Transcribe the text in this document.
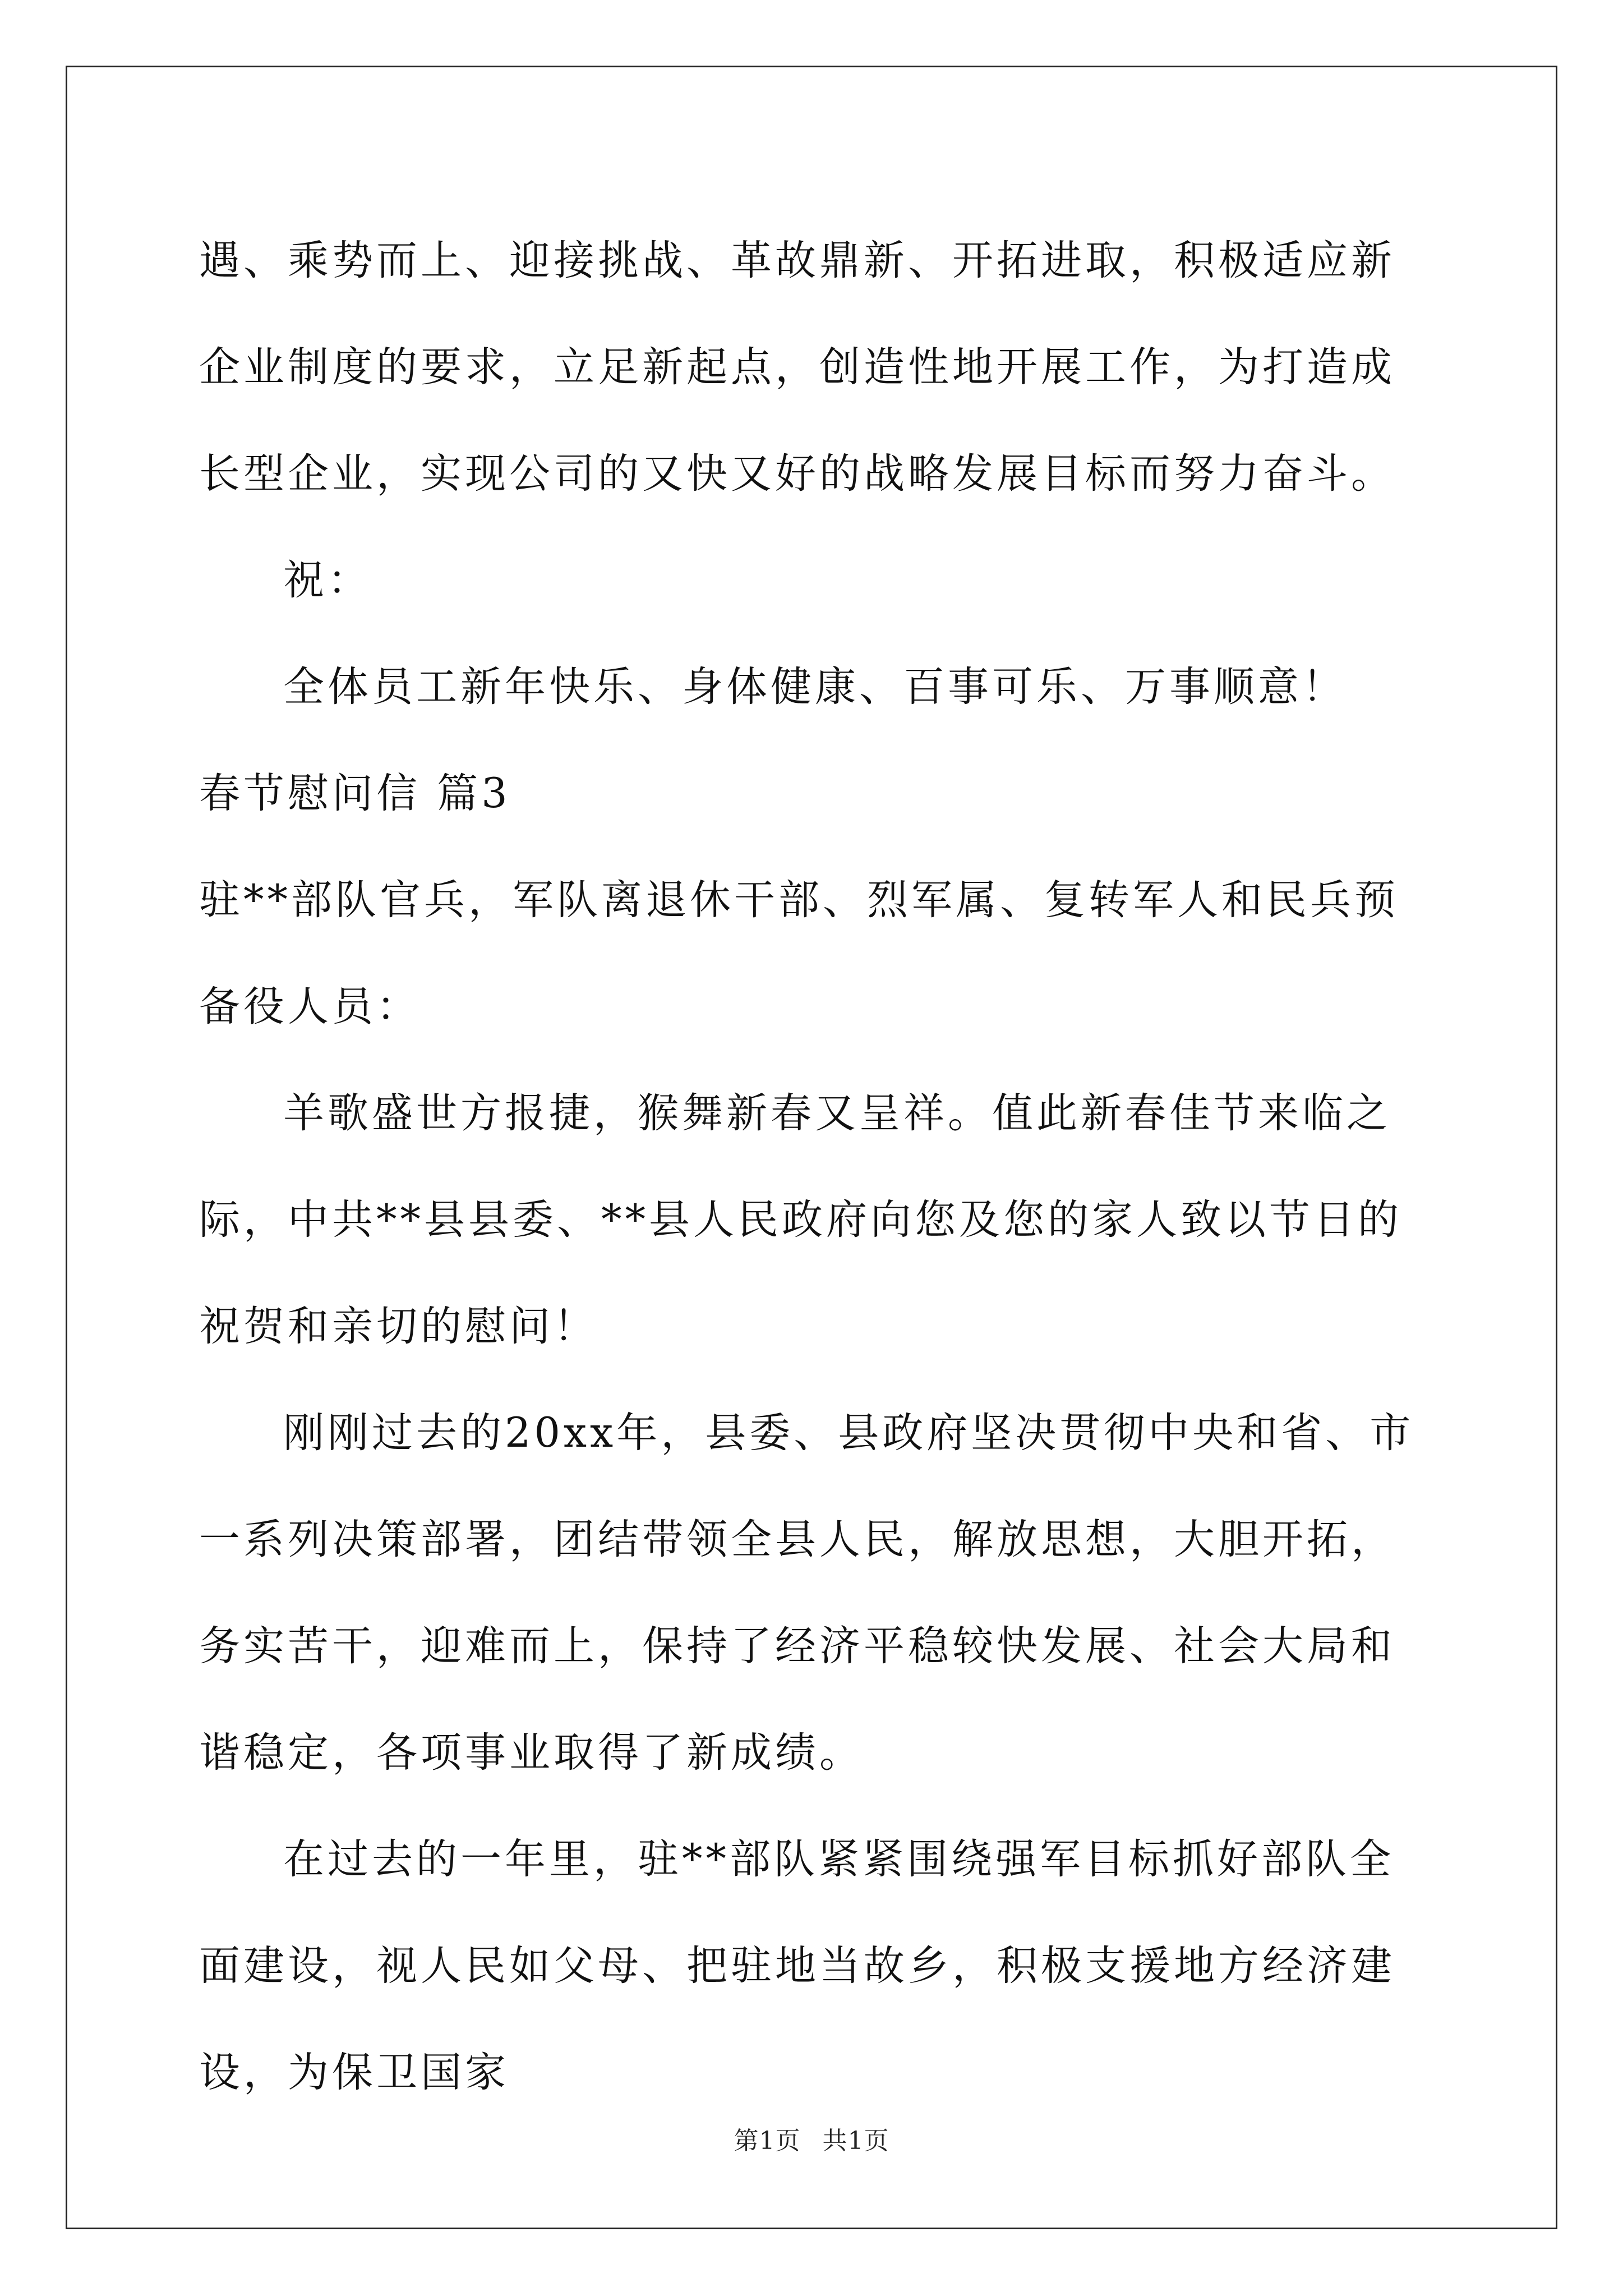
遇、乘势而上、迎接挑战、革故鼎新、开拓进取，积极适应新企业制度的要求，立足新起点，创造性地开展工作，为打造成长型企业，实现公司的又快又好的战略发展目标而努力奋斗。

祝：

全体员工新年快乐、身体健康、百事可乐、万事顺意！

春节慰问信 篇3

驻**部队官兵，军队离退休干部、烈军属、复转军人和民兵预备役人员：

羊歌盛世方报捷，猴舞新春又呈祥。值此新春佳节来临之际，中共**县县委、**县人民政府向您及您的家人致以节日的祝贺和亲切的慰问！

刚刚过去的20xx年，县委、县政府坚决贯彻中央和省、市一系列决策部署，团结带领全县人民，解放思想，大胆开拓，务实苦干，迎难而上，保持了经济平稳较快发展、社会大局和谐稳定，各项事业取得了新成绩。

在过去的一年里，驻**部队紧紧围绕强军目标抓好部队全面建设，视人民如父母、把驻地当故乡，积极支援地方经济建设，为保卫国家

第1页 共1页
